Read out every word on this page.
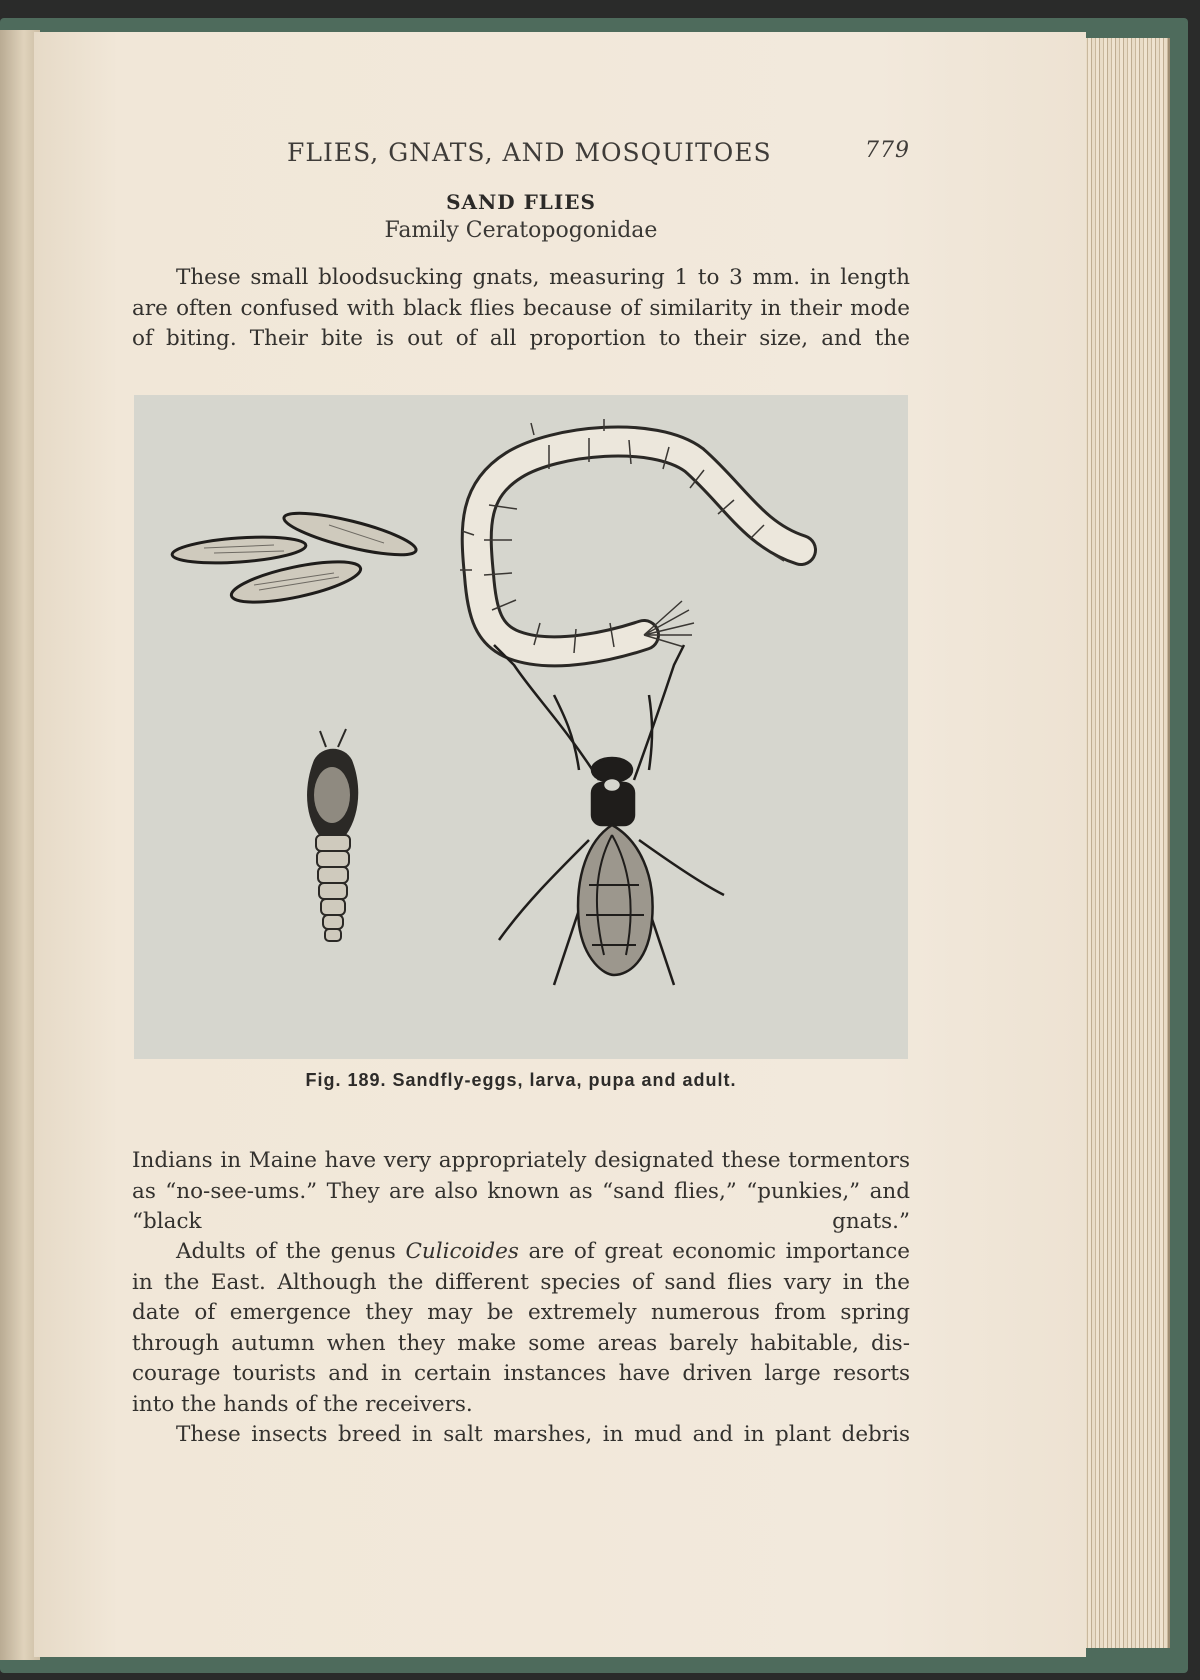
FLIES, GNATS, AND MOSQUITOES	779
SAND FLIES
Family Ceratopogonidae
These small bloodsucking gnats, measuring 1 to 3 mm. in length
are often confused with black flies because of similarity in their mode
of biting. Their bite is out of all proportion to their size, and the
Fig. 189. Sandfly-eggs, larva, pupa and adult.
Indians in Maine have very appropriately designated these tormentors
as “no-see-ums.” They are also known as “sand flies,” “punkies,” and
“black gnats.”
Adults of the genus Culicoides are of great economic importance
in the East. Although the different species of sand flies vary in the
date of emergence they may be extremely numerous from spring
through autumn when they make some areas barely habitable, dis-
courage tourists and in certain instances have driven large resorts
into the hands of the receivers.
These insects breed in salt marshes, in mud and in plant debris
